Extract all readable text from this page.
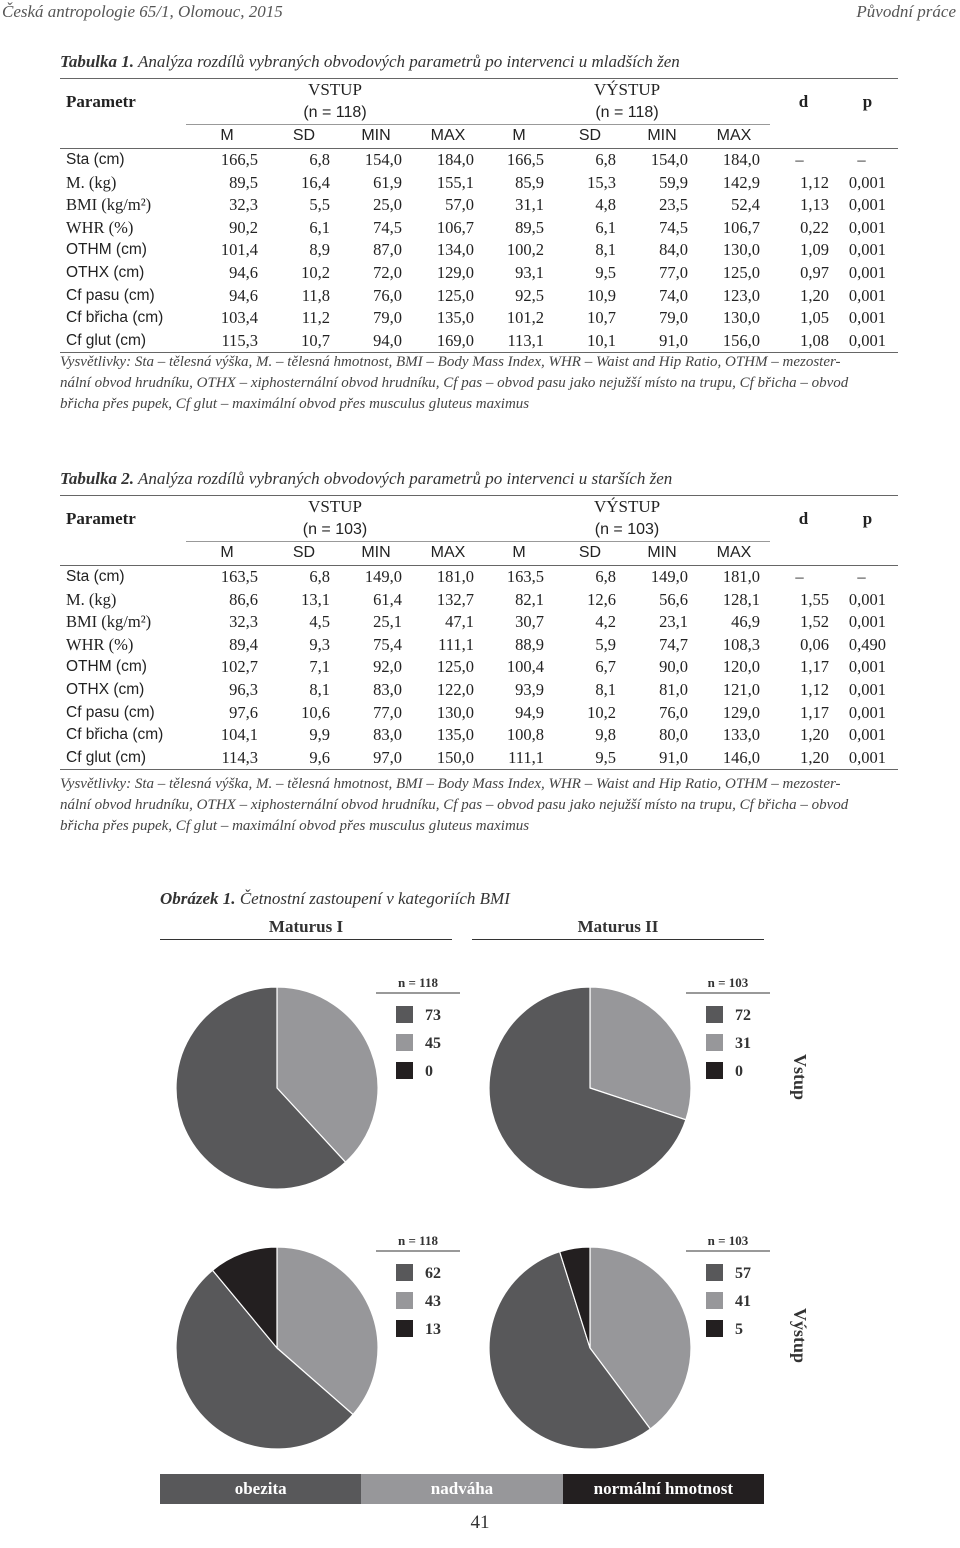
Česká antropologie 65/1, Olomouc, 2015	Původní práce
Tabulka 1. Analýza rozdílů vybraných obvodových parametrů po intervenci u mladších žen
Parametr	VSTUP				VÝSTUP				d	p
	(n = 118)				(n = 118)					
	M	SD	MIN	MAX	M	SD	MIN	MAX		
Sta (cm)	166,5	6,8	154,0	184,0	166,5	6,8	154,0	184,0	–	–
M. (kg)	89,5	16,4	61,9	155,1	85,9	15,3	59,9	142,9	1,12	0,001
BMI (kg/m²)	32,3	5,5	25,0	57,0	31,1	4,8	23,5	52,4	1,13	0,001
WHR (%)	90,2	6,1	74,5	106,7	89,5	6,1	74,5	106,7	0,22	0,001
OTHM (cm)	101,4	8,9	87,0	134,0	100,2	8,1	84,0	130,0	1,09	0,001
OTHX (cm)	94,6	10,2	72,0	129,0	93,1	9,5	77,0	125,0	0,97	0,001
Cf pasu (cm)	94,6	11,8	76,0	125,0	92,5	10,9	74,0	123,0	1,20	0,001
Cf břicha (cm)	103,4	11,2	79,0	135,0	101,2	10,7	79,0	130,0	1,05	0,001
Cf glut (cm)	115,3	10,7	94,0	169,0	113,1	10,1	91,0	156,0	1,08	0,001
Vysvětlivky: Sta – tělesná výška, M. – tělesná hmotnost, BMI – Body Mass Index, WHR – Waist and Hip Ratio, OTHM – mezoster-
nální obvod hrudníku, OTHX – xiphosternální obvod hrudníku, Cf pas – obvod pasu jako nejužší místo na trupu, Cf břicha – obvod
břicha přes pupek, Cf glut – maximální obvod přes musculus gluteus maximus
Tabulka 2. Analýza rozdílů vybraných obvodových parametrů po intervenci u starších žen
Parametr	VSTUP				VÝSTUP				d	p
	(n = 103)				(n = 103)					
	M	SD	MIN	MAX	M	SD	MIN	MAX		
Sta (cm)	163,5	6,8	149,0	181,0	163,5	6,8	149,0	181,0	–	–
M. (kg)	86,6	13,1	61,4	132,7	82,1	12,6	56,6	128,1	1,55	0,001
BMI (kg/m²)	32,3	4,5	25,1	47,1	30,7	4,2	23,1	46,9	1,52	0,001
WHR (%)	89,4	9,3	75,4	111,1	88,9	5,9	74,7	108,3	0,06	0,490
OTHM (cm)	102,7	7,1	92,0	125,0	100,4	6,7	90,0	120,0	1,17	0,001
OTHX (cm)	96,3	8,1	83,0	122,0	93,9	8,1	81,0	121,0	1,12	0,001
Cf pasu (cm)	97,6	10,6	77,0	130,0	94,9	10,2	76,0	129,0	1,17	0,001
Cf břicha (cm)	104,1	9,9	83,0	135,0	100,8	9,8	80,0	133,0	1,20	0,001
Cf glut (cm)	114,3	9,6	97,0	150,0	111,1	9,5	91,0	146,0	1,20	0,001
Vysvětlivky: Sta – tělesná výška, M. – tělesná hmotnost, BMI – Body Mass Index, WHR – Waist and Hip Ratio, OTHM – mezoster-
nální obvod hrudníku, OTHX – xiphosternální obvod hrudníku, Cf pas – obvod pasu jako nejužší místo na trupu, Cf břicha – obvod
břicha přes pupek, Cf glut – maximální obvod přes musculus gluteus maximus
Obrázek 1. Četnostní zastoupení v kategoriích BMI
Maturus I	Maturus II
n = 118
73
45
0
n = 103
72
31
0
n = 118
62
43
13
n = 103
57
41
5
Vstup
Výstup
obezita	nadváha	normální hmotnost
41
